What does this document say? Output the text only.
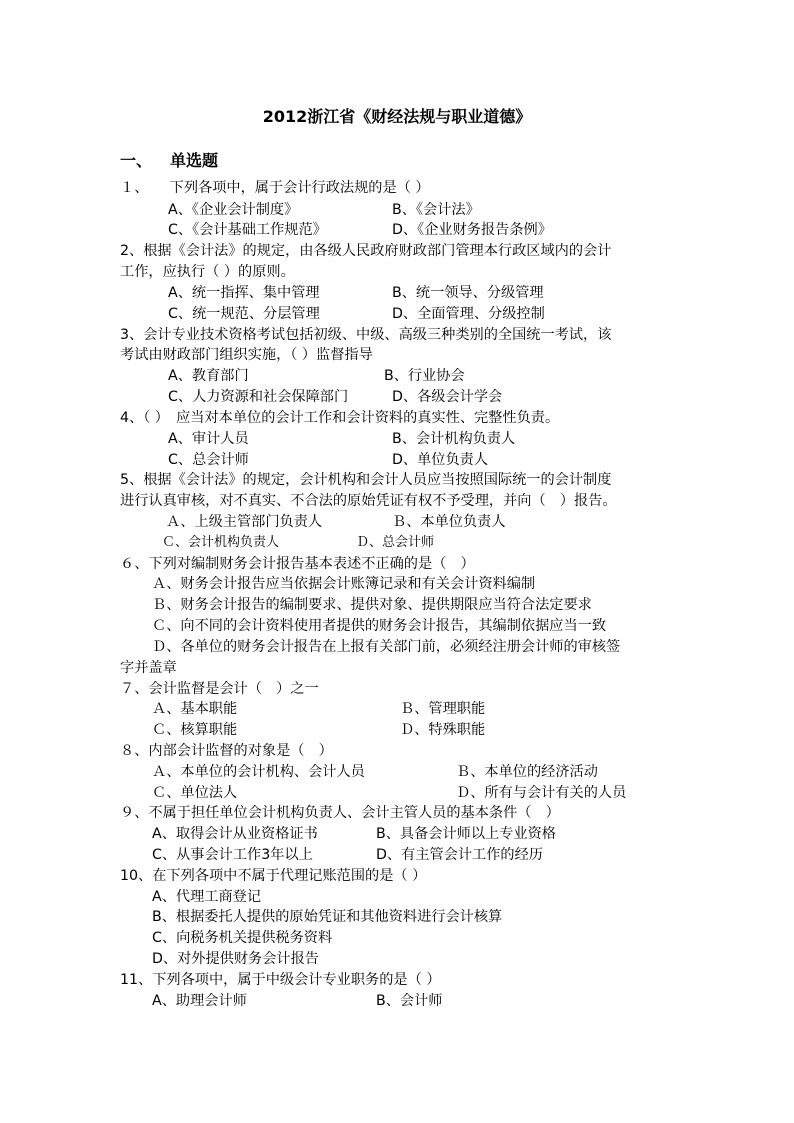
2012浙江省《财经法规与职业道德》
一、 单选题
１、　　下列各项中，属于会计行政法规的是（ ）
A、《企业会计制度》	B、《会计法》
C、《会计基础工作规范》	D、《企业财务报告条例》
2、根据《会计法》的规定，由各级人民政府财政部门管理本行政区域内的会计
工作，应执行（ ）的原则。
A、统一指挥、集中管理	B、统一领导、分级管理
C、统一规范、分层管理	D、全面管理、分级控制
3、会计专业技术资格考试包括初级、中级、高级三种类别的全国统一考试，该
考试由财政部门组织实施，（ ）监督指导
A、教育部门	B、行业协会
C、人力资源和社会保障部门	D、各级会计学会
4、（ ）　应当对本单位的会计工作和会计资料的真实性、完整性负责。
A、审计人员	B、会计机构负责人
C、总会计师	D、单位负责人
5、根据《会计法》的规定，会计机构和会计人员应当按照国际统一的会计制度
进行认真审核，对不真实、不合法的原始凭证有权不予受理，并向（　）报告。
Ａ、上级主管部门负责人	Ｂ、本单位负责人
Ｃ、会计机构负责人	Ｄ、总会计师
６、下列对编制财务会计报告基本表述不正确的是（　）
Ａ、财务会计报告应当依据会计账簿记录和有关会计资料编制
Ｂ、财务会计报告的编制要求、提供对象、提供期限应当符合法定要求
Ｃ、向不同的会计资料使用者提供的财务会计报告，其编制依据应当一致
Ｄ、各单位的财务会计报告在上报有关部门前，必须经注册会计师的审核签
字并盖章
７、会计监督是会计（　）之一
Ａ、基本职能	Ｂ、管理职能
Ｃ、核算职能	Ｄ、特殊职能
８、内部会计监督的对象是（　）
Ａ、本单位的会计机构、会计人员	Ｂ、本单位的经济活动
Ｃ、单位法人	Ｄ、所有与会计有关的人员
９、不属于担任单位会计机构负责人、会计主管人员的基本条件（　）
A、取得会计从业资格证书	B、具备会计师以上专业资格
C、从事会计工作3年以上	D、有主管会计工作的经历
10、在下列各项中不属于代理记账范围的是（ ）
A、代理工商登记
B、根据委托人提供的原始凭证和其他资料进行会计核算
C、向税务机关提供税务资料
D、对外提供财务会计报告
11、下列各项中，属于中级会计专业职务的是（ ）
A、助理会计师	B、会计师
